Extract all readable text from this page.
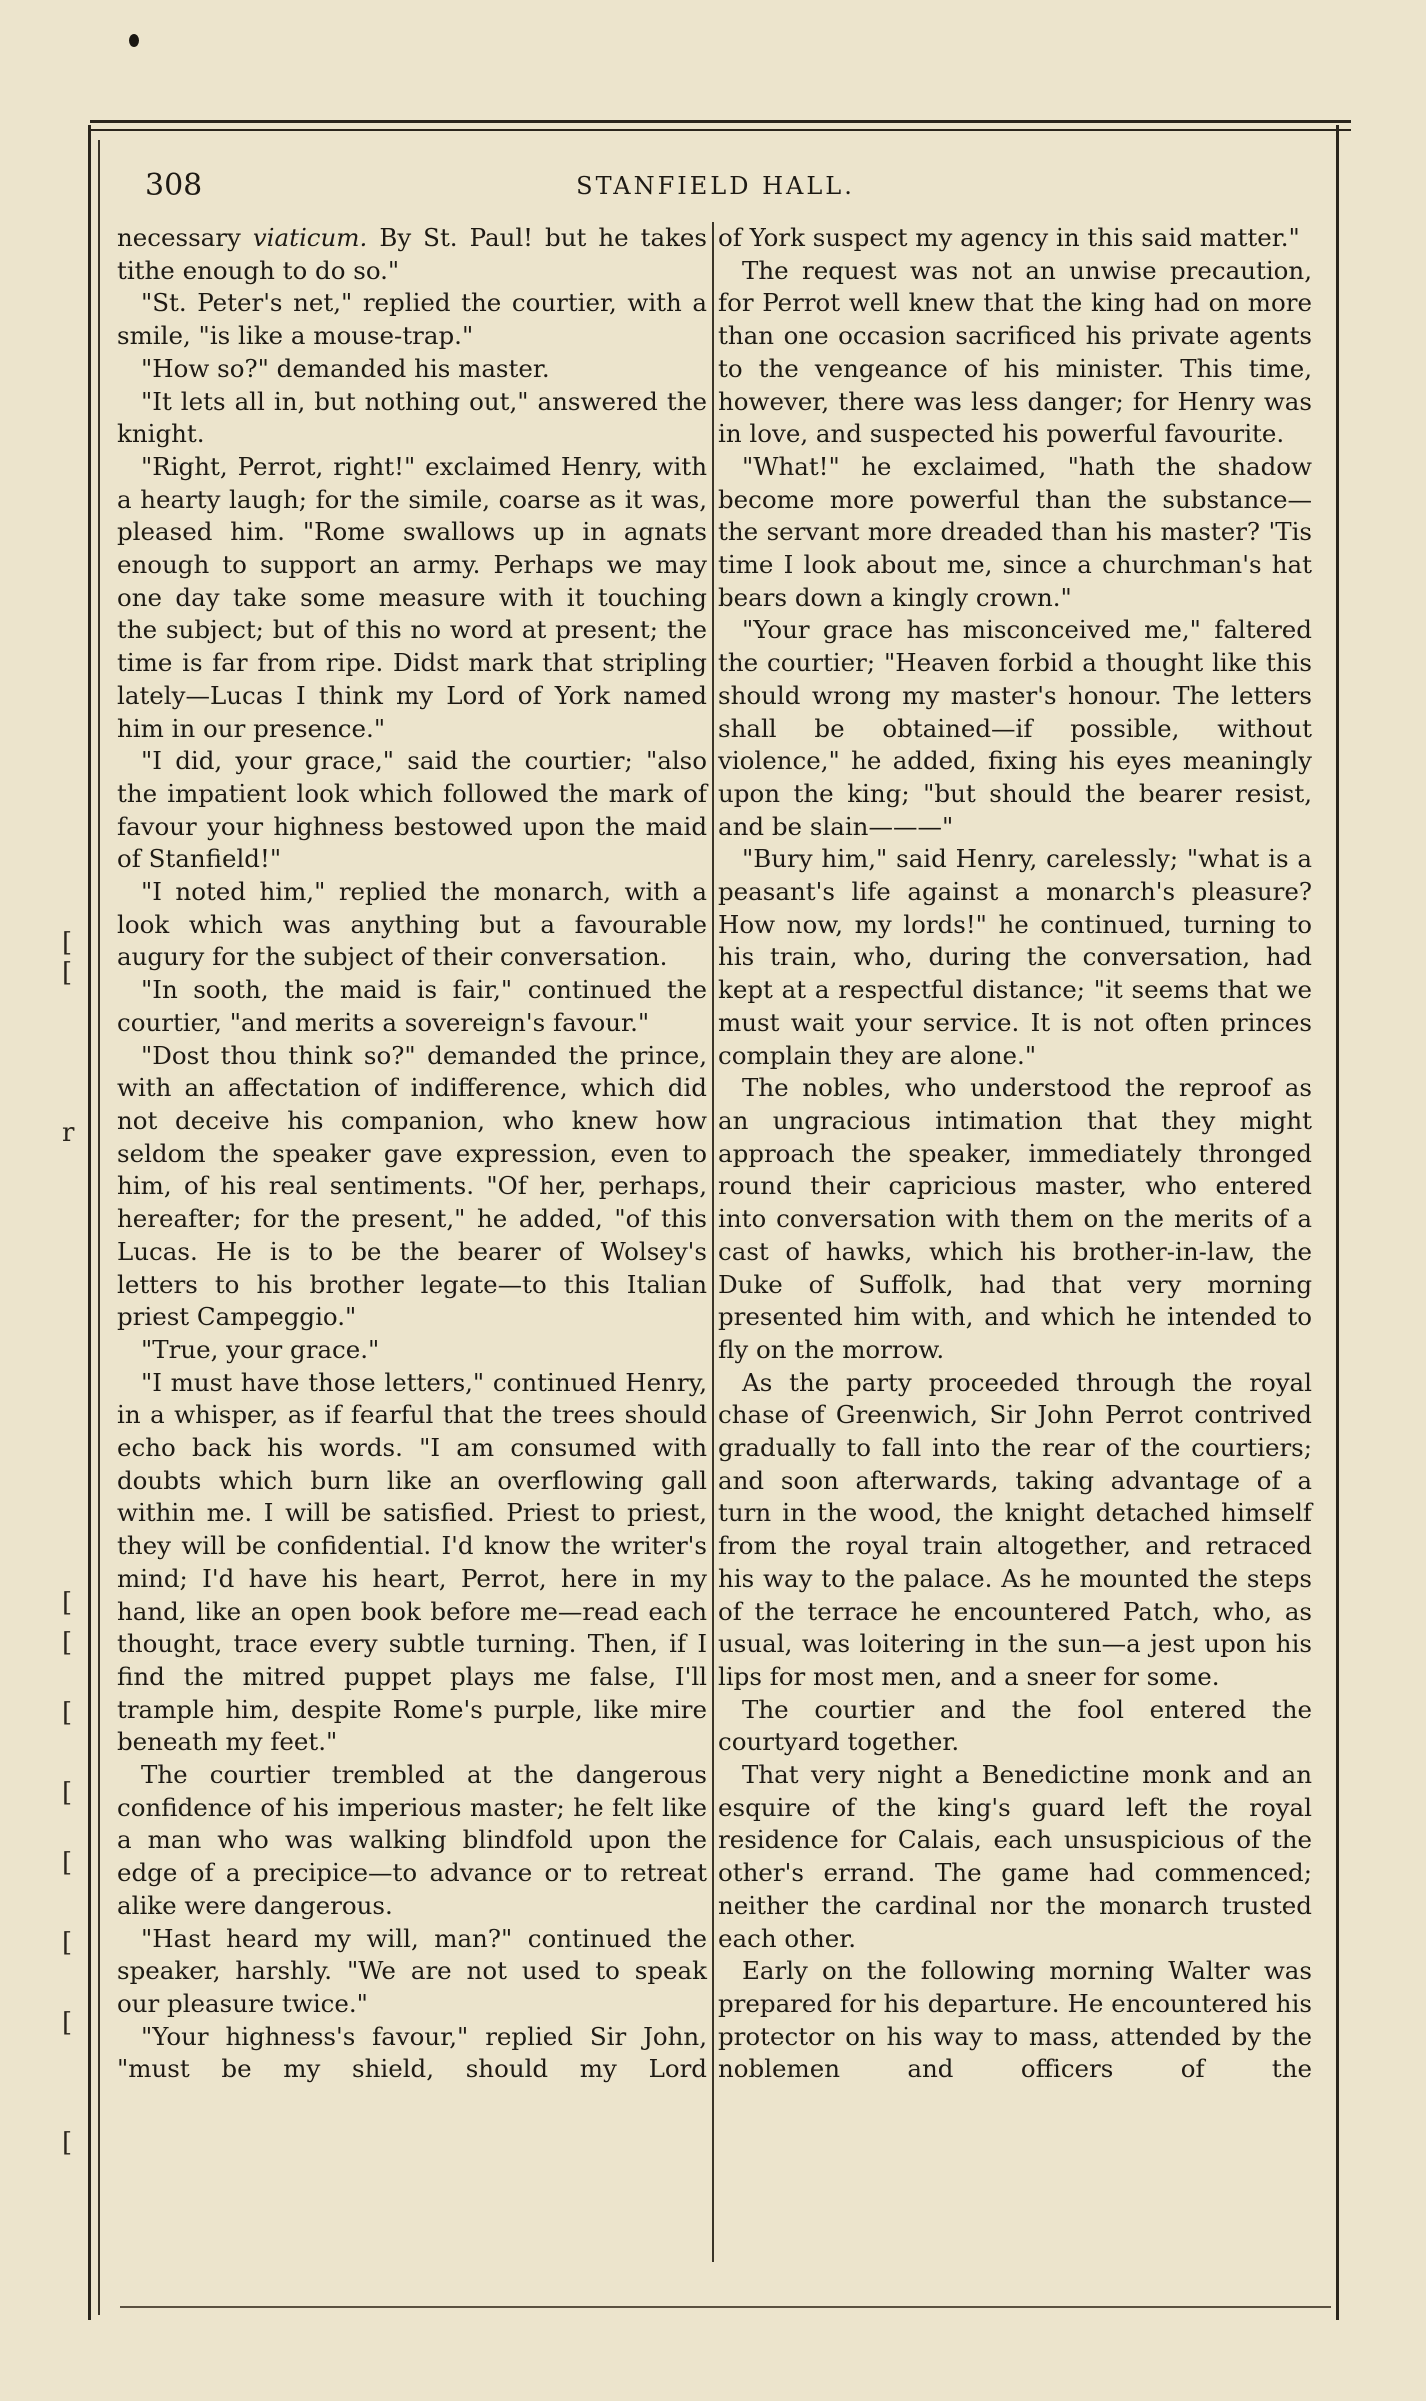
308	STANFIELD HALL.
[
[
r
[
[
[
[
[
[
[
[

necessary viaticum. By St. Paul! but he takes tithe enough to do so."

"St. Peter's net," replied the courtier, with a smile, "is like a mouse-trap."

"How so?" demanded his master.

"It lets all in, but nothing out," answered the knight.

"Right, Perrot, right!" exclaimed Henry, with a hearty laugh; for the simile, coarse as it was, pleased him. "Rome swallows up in agnats enough to support an army. Perhaps we may one day take some measure with it touching the subject; but of this no word at present; the time is far from ripe. Didst mark that stripling lately—Lucas I think my Lord of York named him in our presence."

"I did, your grace," said the courtier; "also the impatient look which followed the mark of favour your highness bestowed upon the maid of Stanfield!"

"I noted him," replied the monarch, with a look which was anything but a favourable augury for the subject of their conversation.

"In sooth, the maid is fair," continued the courtier, "and merits a sovereign's favour."

"Dost thou think so?" demanded the prince, with an affectation of indifference, which did not deceive his companion, who knew how seldom the speaker gave expression, even to him, of his real sentiments. "Of her, perhaps, hereafter; for the present," he added, "of this Lucas. He is to be the bearer of Wolsey's letters to his brother legate—to this Italian priest Campeggio."

"True, your grace."

"I must have those letters," continued Henry, in a whisper, as if fearful that the trees should echo back his words. "I am consumed with doubts which burn like an overflowing gall within me. I will be satisfied. Priest to priest, they will be confidential. I'd know the writer's mind; I'd have his heart, Perrot, here in my hand, like an open book before me—read each thought, trace every subtle turning. Then, if I find the mitred puppet plays me false, I'll trample him, despite Rome's purple, like mire beneath my feet."

The courtier trembled at the dangerous confidence of his imperious master; he felt like a man who was walking blindfold upon the edge of a precipice—to advance or to retreat alike were dangerous.

"Hast heard my will, man?" continued the speaker, harshly. "We are not used to speak our pleasure twice."

"Your highness's favour," replied Sir John, "must be my shield, should my Lord

of York suspect my agency in this said matter."

The request was not an unwise precaution, for Perrot well knew that the king had on more than one occasion sacrificed his private agents to the vengeance of his minister. This time, however, there was less danger; for Henry was in love, and suspected his powerful favourite.

"What!" he exclaimed, "hath the shadow become more powerful than the substance—the servant more dreaded than his master? 'Tis time I look about me, since a churchman's hat bears down a kingly crown."

"Your grace has misconceived me," faltered the courtier; "Heaven forbid a thought like this should wrong my master's honour. The letters shall be obtained—if possible, without violence," he added, fixing his eyes meaningly upon the king; "but should the bearer resist, and be slain———"

"Bury him," said Henry, carelessly; "what is a peasant's life against a monarch's pleasure? How now, my lords!" he continued, turning to his train, who, during the conversation, had kept at a respectful distance; "it seems that we must wait your service. It is not often princes complain they are alone."

The nobles, who understood the reproof as an ungracious intimation that they might approach the speaker, immediately thronged round their capricious master, who entered into conversation with them on the merits of a cast of hawks, which his brother-in-law, the Duke of Suffolk, had that very morning presented him with, and which he intended to fly on the morrow.

As the party proceeded through the royal chase of Greenwich, Sir John Perrot contrived gradually to fall into the rear of the courtiers; and soon afterwards, taking advantage of a turn in the wood, the knight detached himself from the royal train altogether, and retraced his way to the palace. As he mounted the steps of the terrace he encountered Patch, who, as usual, was loitering in the sun—a jest upon his lips for most men, and a sneer for some.

The courtier and the fool entered the courtyard together.

That very night a Benedictine monk and an esquire of the king's guard left the royal residence for Calais, each unsuspicious of the other's errand. The game had commenced; neither the cardinal nor the monarch trusted each other.

Early on the following morning Walter was prepared for his departure. He encountered his protector on his way to mass, attended by the noblemen and officers of the
